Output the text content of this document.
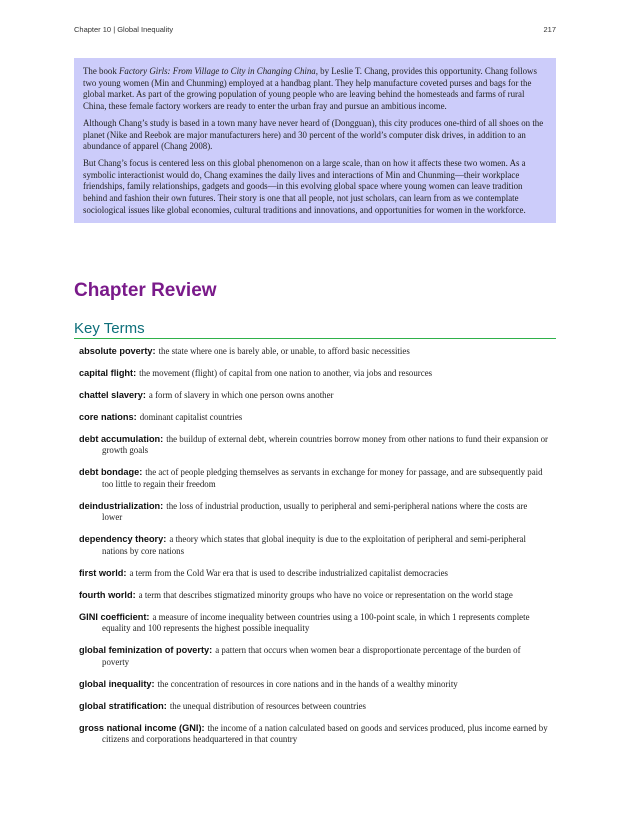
Chapter 10 | Global Inequality	217

The book Factory Girls: From Village to City in Changing China, by Leslie T. Chang, provides this opportunity. Chang follows two young women (Min and Chunming) employed at a handbag plant. They help manufacture coveted purses and bags for the global market. As part of the growing population of young people who are leaving behind the homesteads and farms of rural China, these female factory workers are ready to enter the urban fray and pursue an ambitious income.

Although Chang’s study is based in a town many have never heard of (Dongguan), this city produces one-third of all shoes on the planet (Nike and Reebok are major manufacturers here) and 30 percent of the world’s computer disk drives, in addition to an abundance of apparel (Chang 2008).

But Chang’s focus is centered less on this global phenomenon on a large scale, than on how it affects these two women. As a symbolic interactionist would do, Chang examines the daily lives and interactions of Min and Chunming—their workplace friendships, family relationships, gadgets and goods—in this evolving global space where young women can leave tradition behind and fashion their own futures. Their story is one that all people, not just scholars, can learn from as we contemplate sociological issues like global economies, cultural traditions and innovations, and opportunities for women in the workforce.

Chapter Review
Key Terms
absolute poverty: the state where one is barely able, or unable, to afford basic necessities
capital flight: the movement (flight) of capital from one nation to another, via jobs and resources
chattel slavery: a form of slavery in which one person owns another
core nations: dominant capitalist countries
debt accumulation: the buildup of external debt, wherein countries borrow money from other nations to fund their expansion or growth goals
debt bondage: the act of people pledging themselves as servants in exchange for money for passage, and are subsequently paid too little to regain their freedom
deindustrialization: the loss of industrial production, usually to peripheral and semi-peripheral nations where the costs are lower
dependency theory: a theory which states that global inequity is due to the exploitation of peripheral and semi-peripheral nations by core nations
first world: a term from the Cold War era that is used to describe industrialized capitalist democracies
fourth world: a term that describes stigmatized minority groups who have no voice or representation on the world stage
GINI coefficient: a measure of income inequality between countries using a 100-point scale, in which 1 represents complete equality and 100 represents the highest possible inequality
global feminization of poverty: a pattern that occurs when women bear a disproportionate percentage of the burden of poverty
global inequality: the concentration of resources in core nations and in the hands of a wealthy minority
global stratification: the unequal distribution of resources between countries
gross national income (GNI): the income of a nation calculated based on goods and services produced, plus income earned by citizens and corporations headquartered in that country
